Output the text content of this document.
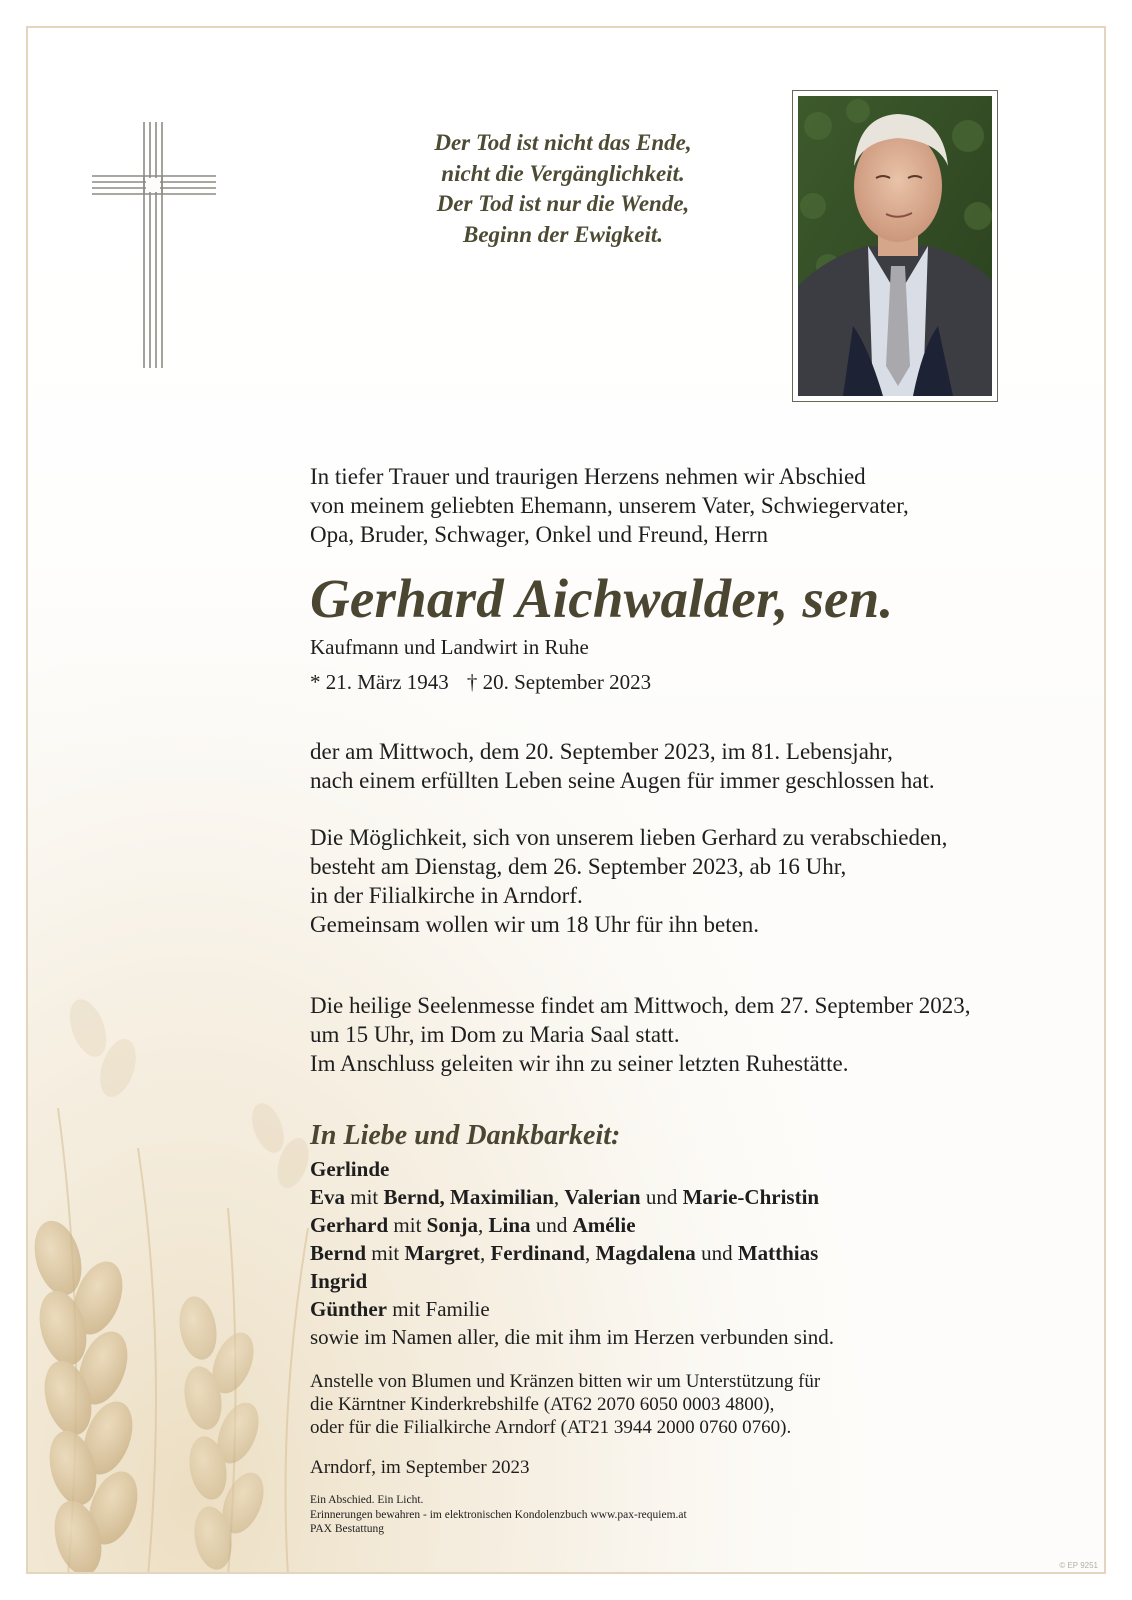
Der Tod ist nicht das Ende,
nicht die Vergänglichkeit.
Der Tod ist nur die Wende,
Beginn der Ewigkeit.
In tiefer Trauer und traurigen Herzens nehmen wir Abschied
von meinem geliebten Ehemann, unserem Vater, Schwiegervater,
Opa, Bruder, Schwager, Onkel und Freund, Herrn
Gerhard Aichwalder, sen.
Kaufmann und Landwirt in Ruhe
* 21. März 1943 † 20. September 2023
der am Mittwoch, dem 20. September 2023, im 81. Lebensjahr,
nach einem erfüllten Leben seine Augen für immer geschlossen hat.
Die Möglichkeit, sich von unserem lieben Gerhard zu verabschieden,
besteht am Dienstag, dem 26. September 2023, ab 16 Uhr,
in der Filialkirche in Arndorf.
Gemeinsam wollen wir um 18 Uhr für ihn beten.
Die heilige Seelenmesse findet am Mittwoch, dem 27. September 2023,
um 15 Uhr, im Dom zu Maria Saal statt.
Im Anschluss geleiten wir ihn zu seiner letzten Ruhestätte.
In Liebe und Dankbarkeit:
Gerlinde
Eva mit Bernd, Maximilian, Valerian und Marie-Christin
Gerhard mit Sonja, Lina und Amélie
Bernd mit Margret, Ferdinand, Magdalena und Matthias
Ingrid
Günther mit Familie
sowie im Namen aller, die mit ihm im Herzen verbunden sind.
Anstelle von Blumen und Kränzen bitten wir um Unterstützung für
die Kärntner Kinderkrebshilfe (AT62 2070 6050 0003 4800),
oder für die Filialkirche Arndorf (AT21 3944 2000 0760 0760).
Arndorf, im September 2023
Ein Abschied. Ein Licht.
Erinnerungen bewahren - im elektronischen Kondolenzbuch www.pax-requiem.at
PAX Bestattung
© EP 9251
